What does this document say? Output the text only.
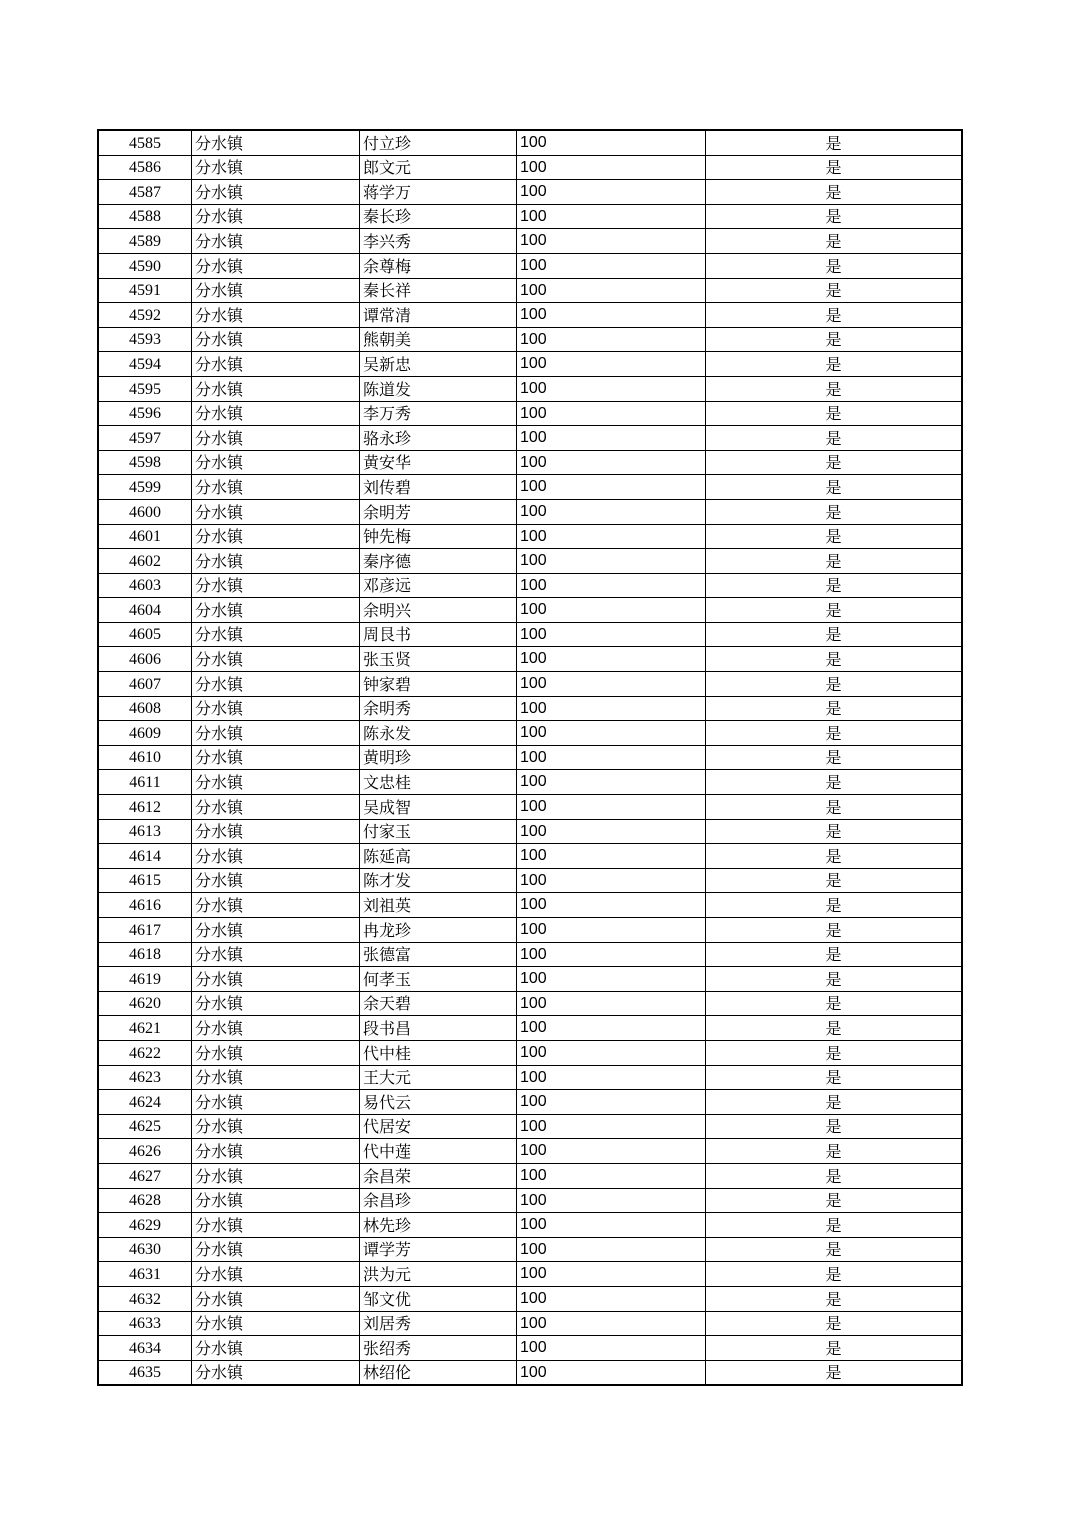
4585	分水镇	付立珍	100	是
4586	分水镇	郎文元	100	是
4587	分水镇	蒋学万	100	是
4588	分水镇	秦长珍	100	是
4589	分水镇	李兴秀	100	是
4590	分水镇	余尊梅	100	是
4591	分水镇	秦长祥	100	是
4592	分水镇	谭常清	100	是
4593	分水镇	熊朝美	100	是
4594	分水镇	吴新忠	100	是
4595	分水镇	陈道发	100	是
4596	分水镇	李万秀	100	是
4597	分水镇	骆永珍	100	是
4598	分水镇	黄安华	100	是
4599	分水镇	刘传碧	100	是
4600	分水镇	余明芳	100	是
4601	分水镇	钟先梅	100	是
4602	分水镇	秦序德	100	是
4603	分水镇	邓彦远	100	是
4604	分水镇	余明兴	100	是
4605	分水镇	周艮书	100	是
4606	分水镇	张玉贤	100	是
4607	分水镇	钟家碧	100	是
4608	分水镇	余明秀	100	是
4609	分水镇	陈永发	100	是
4610	分水镇	黄明珍	100	是
4611	分水镇	文忠桂	100	是
4612	分水镇	吴成智	100	是
4613	分水镇	付家玉	100	是
4614	分水镇	陈延高	100	是
4615	分水镇	陈才发	100	是
4616	分水镇	刘祖英	100	是
4617	分水镇	冉龙珍	100	是
4618	分水镇	张德富	100	是
4619	分水镇	何孝玉	100	是
4620	分水镇	余天碧	100	是
4621	分水镇	段书昌	100	是
4622	分水镇	代中桂	100	是
4623	分水镇	王大元	100	是
4624	分水镇	易代云	100	是
4625	分水镇	代居安	100	是
4626	分水镇	代中莲	100	是
4627	分水镇	余昌荣	100	是
4628	分水镇	余昌珍	100	是
4629	分水镇	林先珍	100	是
4630	分水镇	谭学芳	100	是
4631	分水镇	洪为元	100	是
4632	分水镇	邹文优	100	是
4633	分水镇	刘居秀	100	是
4634	分水镇	张绍秀	100	是
4635	分水镇	林绍伦	100	是
